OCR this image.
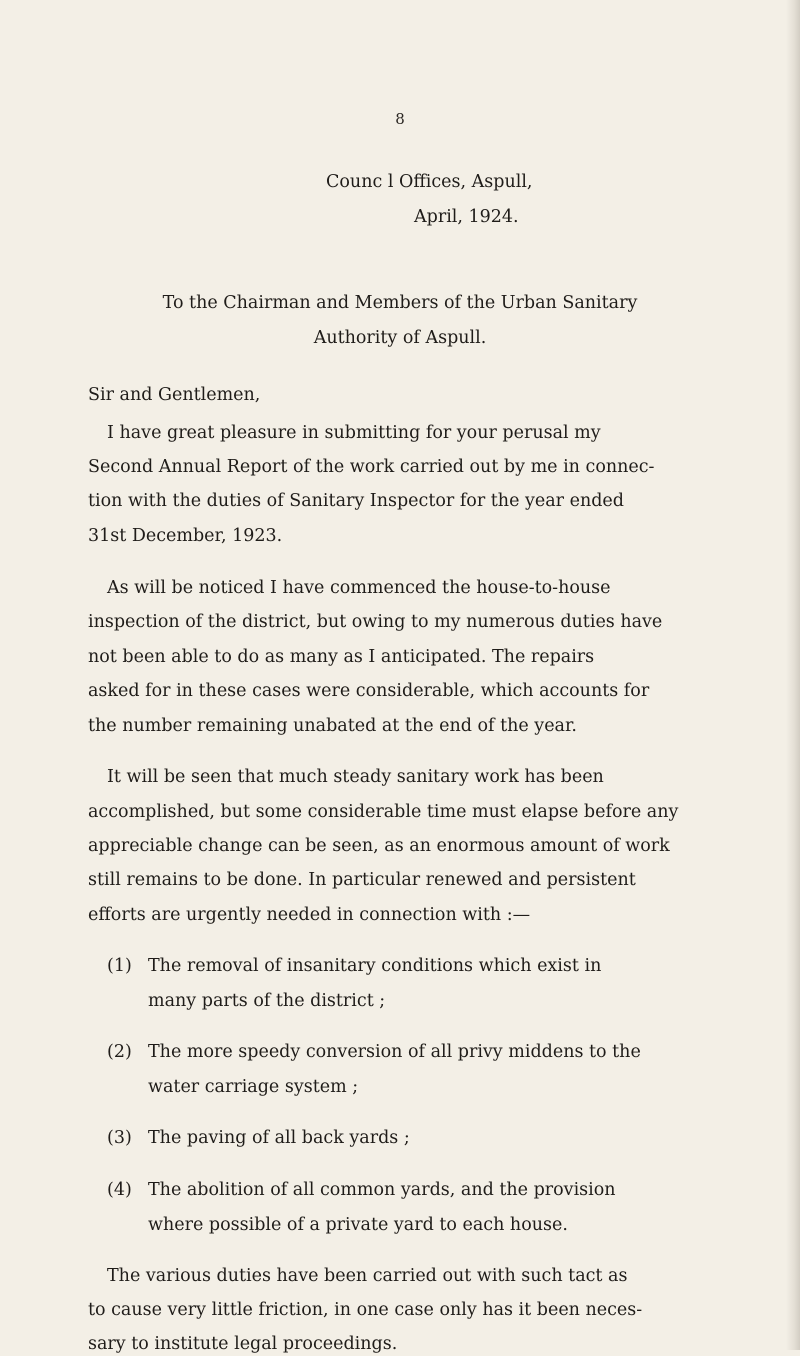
8
Counc l Offices, Aspull,
April, 1924.
To the Chairman and Members of the Urban Sanitary
Authority of Aspull.
Sir and Gentlemen,
I have great pleasure in submitting for your perusal my
Second Annual Report of the work carried out by me in connec-
tion with the duties of Sanitary Inspector for the year ended
31st December, 1923.
As will be noticed I have commenced the house-to-house
inspection of the district, but owing to my numerous duties have
not been able to do as many as I anticipated. The repairs
asked for in these cases were considerable, which accounts for
the number remaining unabated at the end of the year.
It will be seen that much steady sanitary work has been
accomplished, but some considerable time must elapse before any
appreciable change can be seen, as an enormous amount of work
still remains to be done. In particular renewed and persistent
efforts are urgently needed in connection with :—
(1) The removal of insanitary conditions which exist in
many parts of the district ;
(2) The more speedy conversion of all privy middens to the
water carriage system ;
(3) The paving of all back yards ;
(4) The abolition of all common yards, and the provision
where possible of a private yard to each house.
The various duties have been carried out with such tact as
to cause very little friction, in one case only has it been neces-
sary to institute legal proceedings.
